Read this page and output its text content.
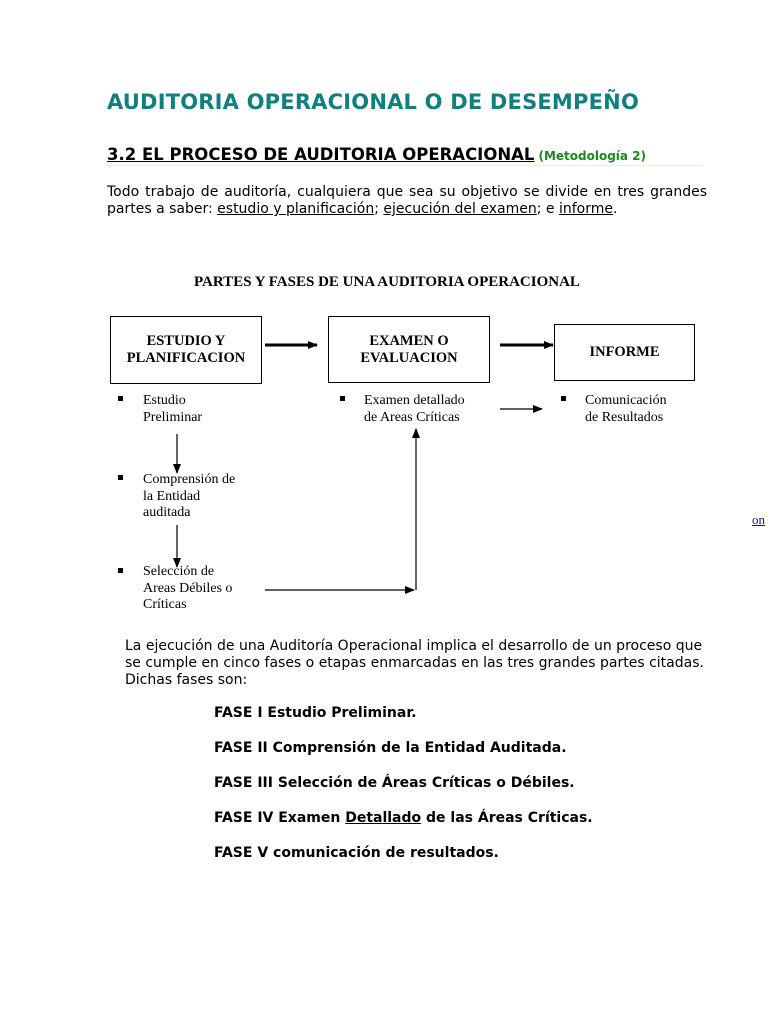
AUDITORIA OPERACIONAL O DE DESEMPEÑO
3.2 EL PROCESO DE AUDITORIA OPERACIONAL (Metodología 2)
Todo trabajo de auditoría, cualquiera que sea su objetivo se divide en tres grandes partes a saber: estudio y planificación; ejecución del examen; e informe.
PARTES Y FASES DE UNA AUDITORIA OPERACIONAL
ESTUDIO Y
PLANIFICACION
EXAMEN O
EVALUACION	INFORME
Estudio
Preliminar
Comprensión de
la Entidad
auditada
Selección de
Areas Débiles o
Críticas
Examen detallado
de Areas Críticas
Comunicación
de Resultados
on
La ejecución de una Auditoría Operacional implica el desarrollo de un proceso que se cumple en cinco fases o etapas enmarcadas en las tres grandes partes citadas. Dichas fases son:
FASE I Estudio Preliminar.
FASE II Comprensión de la Entidad Auditada.
FASE III Selección de Áreas Críticas o Débiles.
FASE IV Examen Detallado de las Áreas Críticas.
FASE V comunicación de resultados.
